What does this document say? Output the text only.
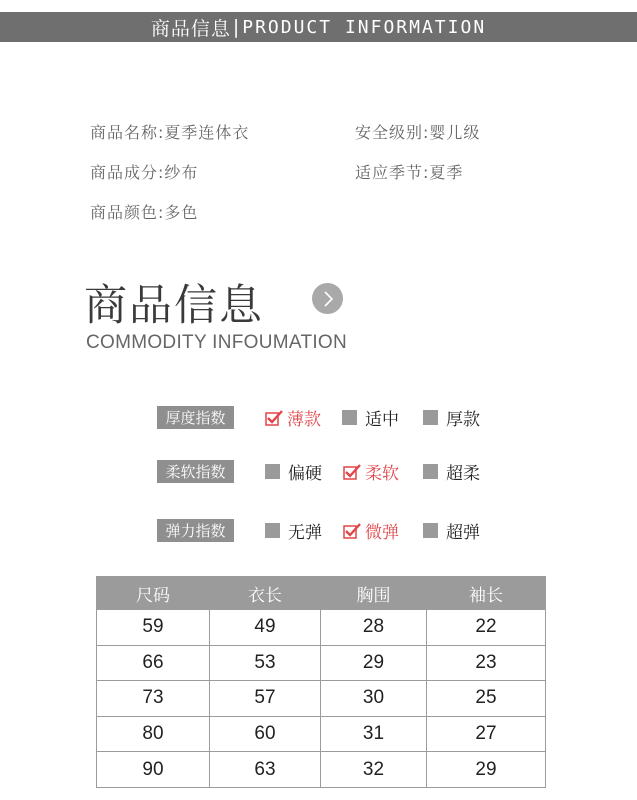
商品信息 | PRODUCT INFORMATION
商品名称:夏季连体衣	安全级别:婴儿级
商品成分:纱布	适应季节:夏季
商品颜色:多色
商品信息
COMMODITY INFOUMATION
厚度指数	薄款	适中	厚款
柔软指数	偏硬	柔软	超柔
弹力指数	无弹	微弹	超弹
尺码	衣长	胸围	袖长
59	49	28	22
66	53	29	23
73	57	30	25
80	60	31	27
90	63	32	29
